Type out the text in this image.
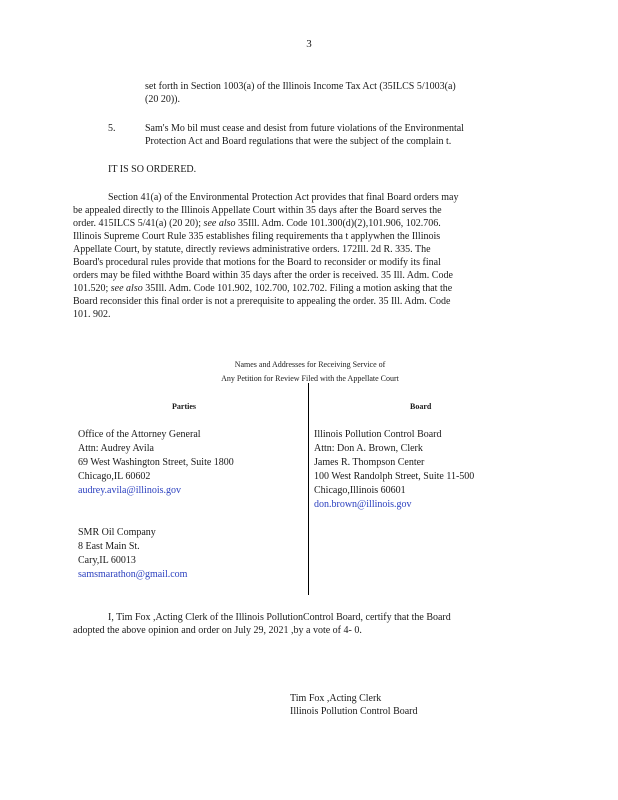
3
set forth in Section 1003(a) of the Illinois Income Tax Act (35ILCS 5/1003(a)
(20 20)).
5.	Sam's Mo bil must cease and desist from future violations of the Environmental
Protection Act and Board regulations that were the subject of the complain t.
IT IS SO ORDERED.
Section 41(a) of the Environmental Protection Act provides that final Board orders may
be appealed directly to the Illinois Appellate Court within 35 days after the Board serves the
order. 415ILCS 5/41(a) (20 20); see also 35Ill. Adm. Code 101.300(d)(2),101.906, 102.706.
Illinois Supreme Court Rule 335 establishes filing requirements tha t applywhen the Illinois
Appellate Court, by statute, directly reviews administrative orders. 172Ill. 2d R. 335. The
Board's procedural rules provide that motions for the Board to reconsider or modify its final
orders may be filed withthe Board within 35 days after the order is received. 35 Ill. Adm. Code
101.520; see also 35Ill. Adm. Code 101.902, 102.700, 102.702. Filing a motion asking that the
Board reconsider this final order is not a prerequisite to appealing the order. 35 Ill. Adm. Code
101. 902.
Names and Addresses for Receiving Service of
Any Petition for Review Filed with the Appellate Court
Parties	Board
Office of the Attorney General
Attn: Audrey Avila
69 West Washington Street, Suite 1800
Chicago,IL 60602
audrey.avila@illinois.gov
SMR Oil Company
8 East Main St.
Cary,IL 60013
samsmarathon@gmail.com
Illinois Pollution Control Board
Attn: Don A. Brown, Clerk
James R. Thompson Center
100 West Randolph Street, Suite 11-500
Chicago,Illinois 60601
don.brown@illinois.gov
I, Tim Fox ,Acting Clerk of the Illinois PollutionControl Board, certify that the Board
adopted the above opinion and order on July 29, 2021 ,by a vote of 4- 0.
Tim Fox ,Acting Clerk
Illinois Pollution Control Board
